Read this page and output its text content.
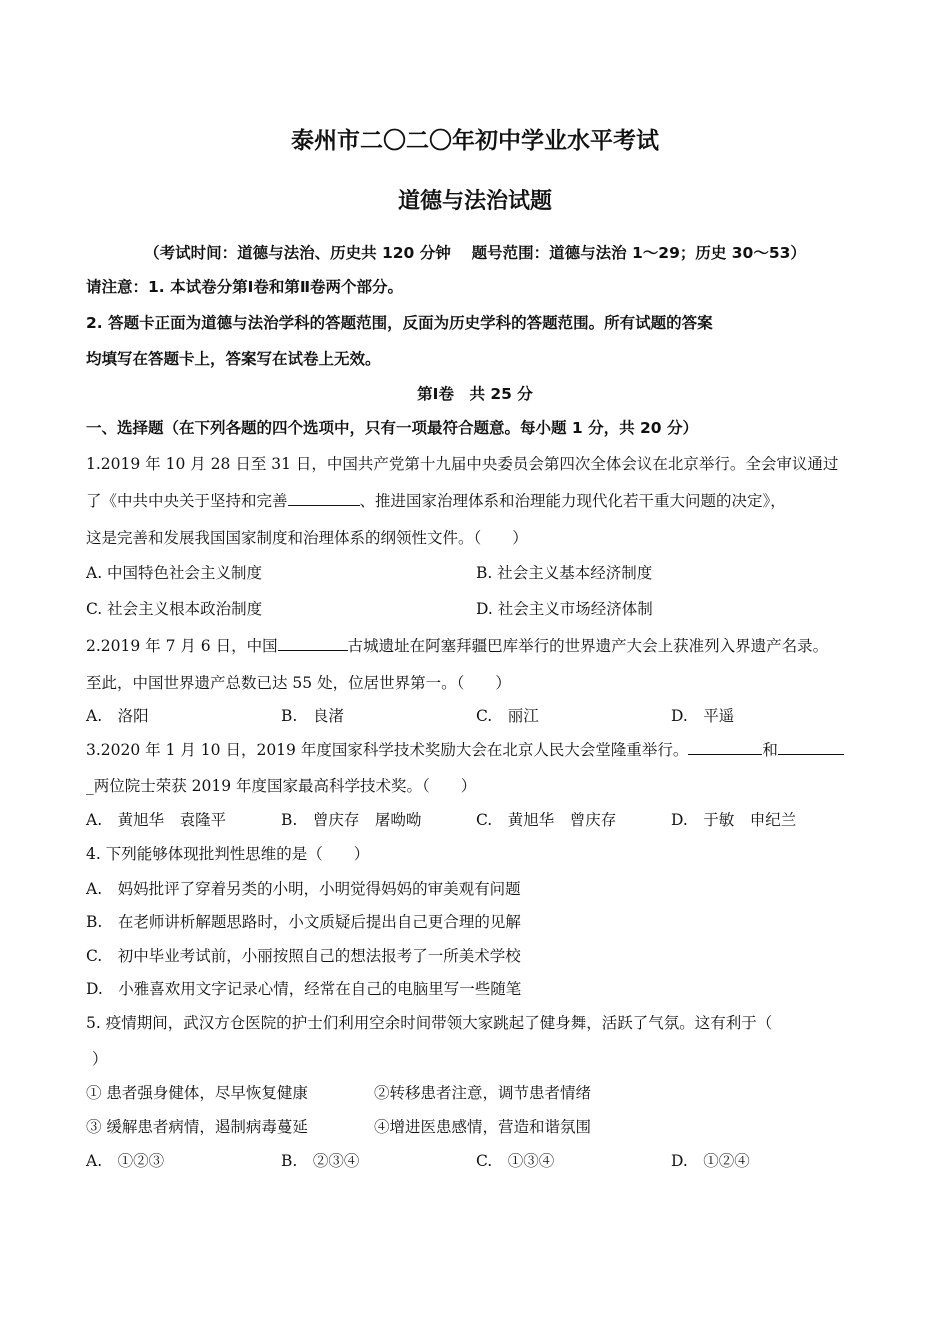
泰州市二〇二〇年初中学业水平考试
道德与法治试题
（考试时间：道德与法治、历史共 120 分钟　 题号范围：道德与法治 1～29；历史 30～53）
请注意：1. 本试卷分第Ⅰ卷和第Ⅱ卷两个部分。
2. 答题卡正面为道德与法治学科的答题范围，反面为历史学科的答题范围。所有试题的答案
均填写在答题卡上，答案写在试卷上无效。
第Ⅰ卷　共 25 分
一、选择题（在下列各题的四个选项中，只有一项最符合题意。每小题 1 分，共 20 分）
1.2019 年 10 月 28 日至 31 日，中国共产党第十九届中央委员会第四次全体会议在北京举行。全会审议通过
了《中共中央关于坚持和完善	、推进国家治理体系和治理能力现代化若干重大问题的决定》，
这是完善和发展我国国家制度和治理体系的纲领性文件。（　　）
A. 中国特色社会主义制度	B. 社会主义基本经济制度
C. 社会主义根本政治制度	D. 社会主义市场经济体制
2.2019 年 7 月 6 日，中国	古城遗址在阿塞拜疆巴库举行的世界遗产大会上获准列入界遗产名录。
至此，中国世界遗产总数已达 55 处，位居世界第一。（　　）
A.　洛阳	B.　良渚	C.　丽江	D.　平遥
3.2020 年 1 月 10 日，2019 年度国家科学技术奖励大会在北京人民大会堂隆重举行。	和
_两位院士荣获 2019 年度国家最高科学技术奖。（　　）
A.　黄旭华　袁隆平	B.　曾庆存　屠呦呦	C.　黄旭华　曾庆存	D.　于敏　申纪兰
4. 下列能够体现批判性思维的是（　　）
A.　妈妈批评了穿着另类的小明，小明觉得妈妈的审美观有问题
B.　在老师讲析解题思路时，小文质疑后提出自己更合理的见解
C.　初中毕业考试前，小丽按照自己的想法报考了一所美术学校
D.　小雅喜欢用文字记录心情，经常在自己的电脑里写一些随笔
5. 疫情期间，武汉方仓医院的护士们利用空余时间带领大家跳起了健身舞，活跃了气氛。这有利于（
）
① 患者强身健体，尽早恢复健康	②转移患者注意，调节患者情绪
③ 缓解患者病情，遏制病毒蔓延	④增进医患感情，营造和谐氛围
A.　①②③	B.　②③④	C.　①③④	D.　①②④
